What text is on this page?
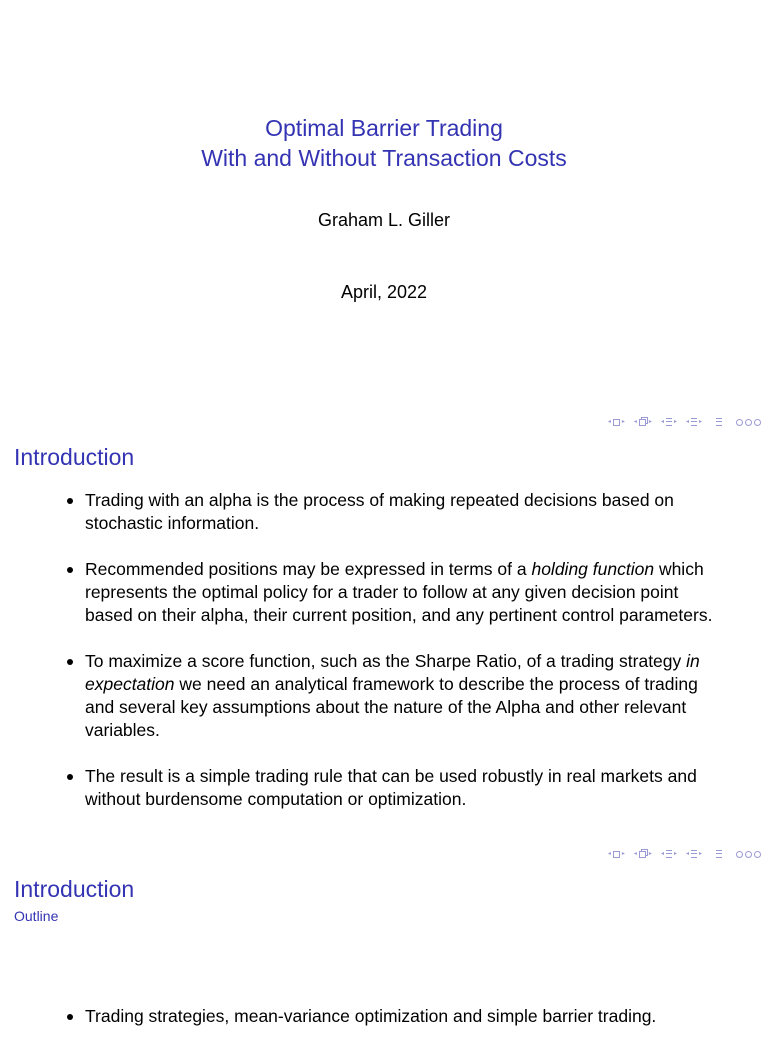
Optimal Barrier Trading
With and Without Transaction Costs
Graham L. Giller
April, 2022
◂ ▸ ◂ ▸ ◂ ▸ ◂ ▸
Introduction
Trading with an alpha is the process of making repeated decisions based on stochastic information.
Recommended positions may be expressed in terms of a holding function which represents the optimal policy for a trader to follow at any given decision point based on their alpha, their current position, and any pertinent control parameters.
To maximize a score function, such as the Sharpe Ratio, of a trading strategy in expectation we need an analytical framework to describe the process of trading and several key assumptions about the nature of the Alpha and other relevant variables.
The result is a simple trading rule that can be used robustly in real markets and without burdensome computation or optimization.
◂ ▸ ◂ ▸ ◂ ▸ ◂ ▸
Introduction
Outline
Trading strategies, mean-variance optimization and simple barrier trading.
